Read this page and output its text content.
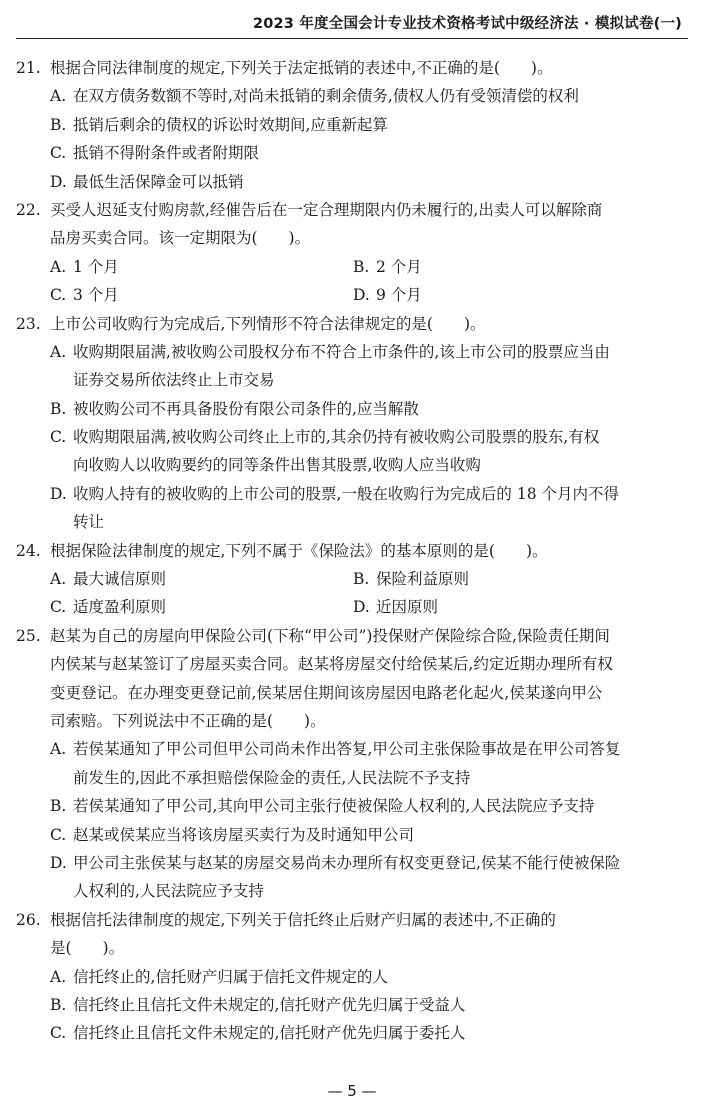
2023 年度全国会计专业技术资格考试中级经济法 · 模拟试卷(一)
21. 根据合同法律制度的规定,下列关于法定抵销的表述中,不正确的是(　　)。
A. 在双方债务数额不等时,对尚未抵销的剩余债务,债权人仍有受领清偿的权利
B. 抵销后剩余的债权的诉讼时效期间,应重新起算
C. 抵销不得附条件或者附期限
D. 最低生活保障金可以抵销
22. 买受人迟延支付购房款,经催告后在一定合理期限内仍未履行的,出卖人可以解除商
品房买卖合同。该一定期限为(　　)。
A. 1 个月	B. 2 个月
C. 3 个月	D. 9 个月
23. 上市公司收购行为完成后,下列情形不符合法律规定的是(　　)。
A. 收购期限届满,被收购公司股权分布不符合上市条件的,该上市公司的股票应当由
证券交易所依法终止上市交易
B. 被收购公司不再具备股份有限公司条件的,应当解散
C. 收购期限届满,被收购公司终止上市的,其余仍持有被收购公司股票的股东,有权
向收购人以收购要约的同等条件出售其股票,收购人应当收购
D. 收购人持有的被收购的上市公司的股票,一般在收购行为完成后的 18 个月内不得
转让
24. 根据保险法律制度的规定,下列不属于《保险法》的基本原则的是(　　)。
A. 最大诚信原则	B. 保险利益原则
C. 适度盈利原则	D. 近因原则
25. 赵某为自己的房屋向甲保险公司(下称“甲公司”)投保财产保险综合险,保险责任期间
内侯某与赵某签订了房屋买卖合同。赵某将房屋交付给侯某后,约定近期办理所有权
变更登记。在办理变更登记前,侯某居住期间该房屋因电路老化起火,侯某遂向甲公
司索赔。下列说法中不正确的是(　　)。
A. 若侯某通知了甲公司但甲公司尚未作出答复,甲公司主张保险事故是在甲公司答复
前发生的,因此不承担赔偿保险金的责任,人民法院不予支持
B. 若侯某通知了甲公司,其向甲公司主张行使被保险人权利的,人民法院应予支持
C. 赵某或侯某应当将该房屋买卖行为及时通知甲公司
D. 甲公司主张侯某与赵某的房屋交易尚未办理所有权变更登记,侯某不能行使被保险
人权利的,人民法院应予支持
26. 根据信托法律制度的规定,下列关于信托终止后财产归属的表述中,不正确的
是(　　)。
A. 信托终止的,信托财产归属于信托文件规定的人
B. 信托终止且信托文件未规定的,信托财产优先归属于受益人
C. 信托终止且信托文件未规定的,信托财产优先归属于委托人
— 5 —
